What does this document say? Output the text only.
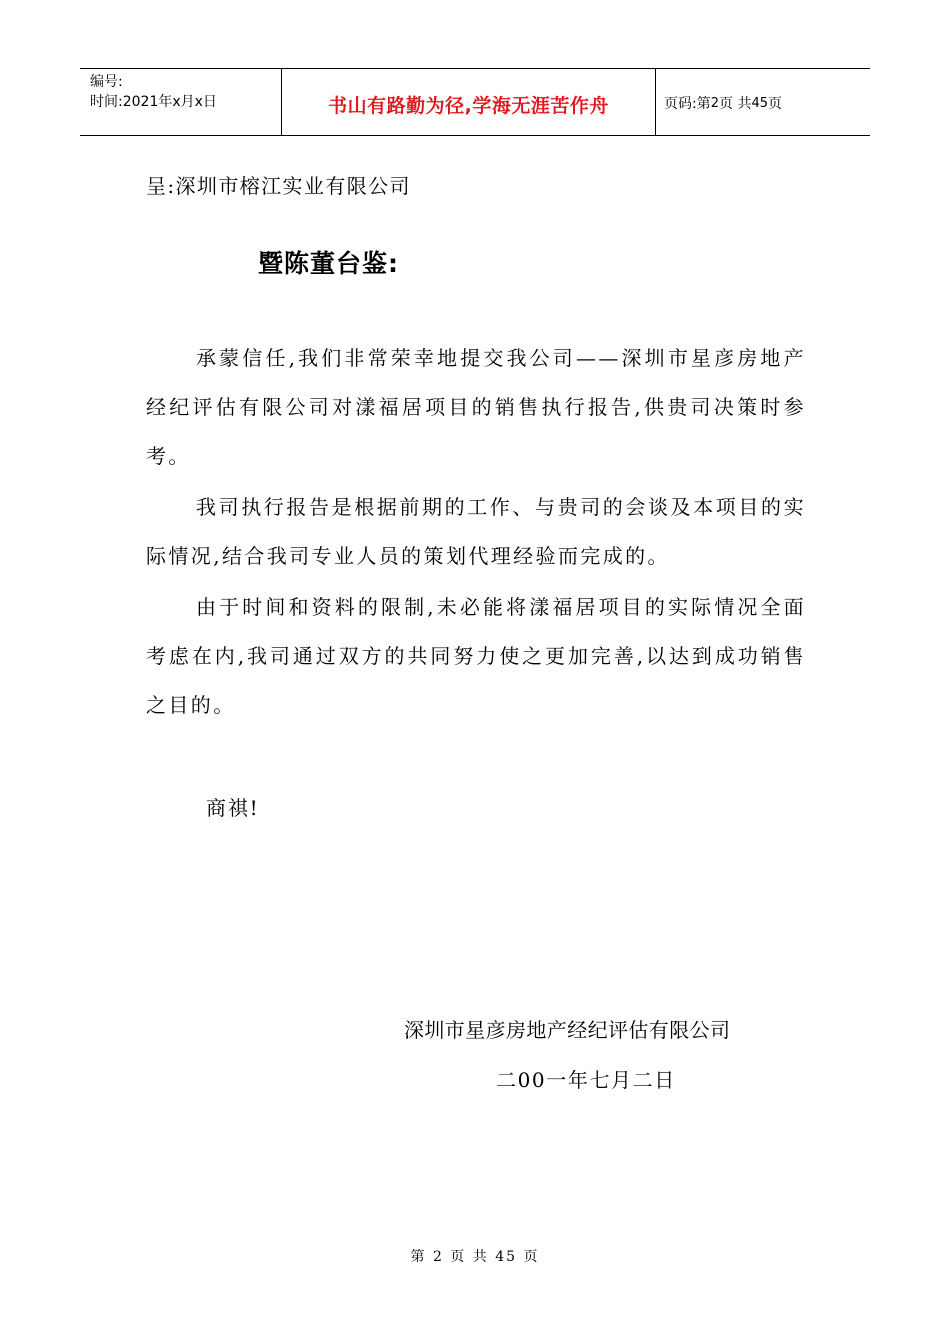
编号:
时间:2021年x月x日	书山有路勤为径,学海无涯苦作舟	页码:第 2 页 共 45 页
呈:深圳市榕江实业有限公司
暨陈董台鉴:
承蒙信任,我们非常荣幸地提交我公司——深圳市星彦房地产经纪评估有限公司对漾福居项目的销售执行报告,供贵司决策时参考。
我司执行报告是根据前期的工作、与贵司的会谈及本项目的实际情况,结合我司专业人员的策划代理经验而完成的。
由于时间和资料的限制,未必能将漾福居项目的实际情况全面考虑在内,我司通过双方的共同努力使之更加完善,以达到成功销售之目的。
商祺!
深圳市星彦房地产经纪评估有限公司
二00一年七月二日
第 2 页 共 45 页
